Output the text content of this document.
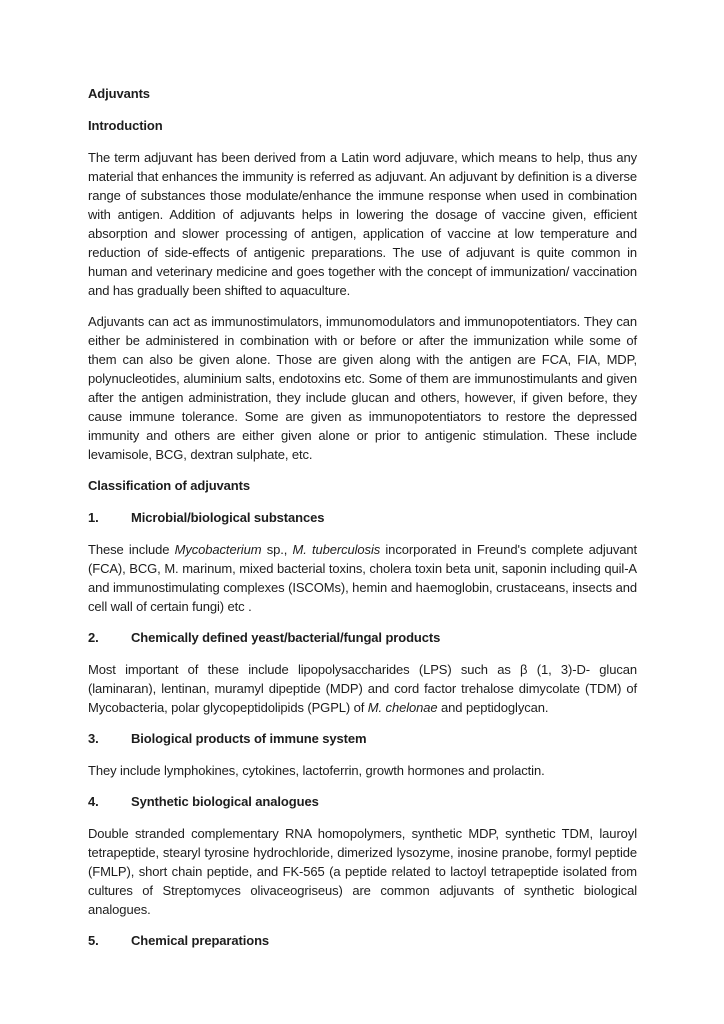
Adjuvants

Introduction

The term adjuvant has been derived from a Latin word adjuvare, which means to help, thus any material that enhances the immunity is referred as adjuvant. An adjuvant by definition is a diverse range of substances those modulate/enhance the immune response when used in combination with antigen. Addition of adjuvants helps in lowering the dosage of vaccine given, efficient absorption and slower processing of antigen, application of vaccine at low temperature and reduction of side-effects of antigenic preparations. The use of adjuvant is quite common in human and veterinary medicine and goes together with the concept of immunization/ vaccination and has gradually been shifted to aquaculture.

Adjuvants can act as immunostimulators, immunomodulators and immunopotentiators. They can either be administered in combination with or before or after the immunization while some of them can also be given alone. Those are given along with the antigen are FCA, FIA, MDP, polynucleotides, aluminium salts, endotoxins etc. Some of them are immunostimulants and given after the antigen administration, they include glucan and others, however, if given before, they cause immune tolerance. Some are given as immunopotentiators to restore the depressed immunity and others are either given alone or prior to antigenic stimulation. These include levamisole, BCG, dextran sulphate, etc.

Classification of adjuvants

1.	Microbial/biological substances

These include Mycobacterium sp., M. tuberculosis incorporated in Freund's complete adjuvant (FCA), BCG, M. marinum, mixed bacterial toxins, cholera toxin beta unit, saponin including quil-A and immunostimulating complexes (ISCOMs), hemin and haemoglobin, crustaceans, insects and cell wall of certain fungi) etc .

2.	Chemically defined yeast/bacterial/fungal products

Most important of these include lipopolysaccharides (LPS) such as β (1, 3)-D- glucan (laminaran), lentinan, muramyl dipeptide (MDP) and cord factor trehalose dimycolate (TDM) of Mycobacteria, polar glycopeptidolipids (PGPL) of M. chelonae and peptidoglycan.

3.	Biological products of immune system

They include lymphokines, cytokines, lactoferrin, growth hormones and prolactin.

4.	Synthetic biological analogues

Double stranded complementary RNA homopolymers, synthetic MDP, synthetic TDM, lauroyl tetrapeptide, stearyl tyrosine hydrochloride, dimerized lysozyme, inosine pranobe, formyl peptide (FMLP), short chain peptide, and FK-565 (a peptide related to lactoyl tetrapeptide isolated from cultures of Streptomyces olivaceogriseus) are common adjuvants of synthetic biological analogues.

5.	Chemical preparations
